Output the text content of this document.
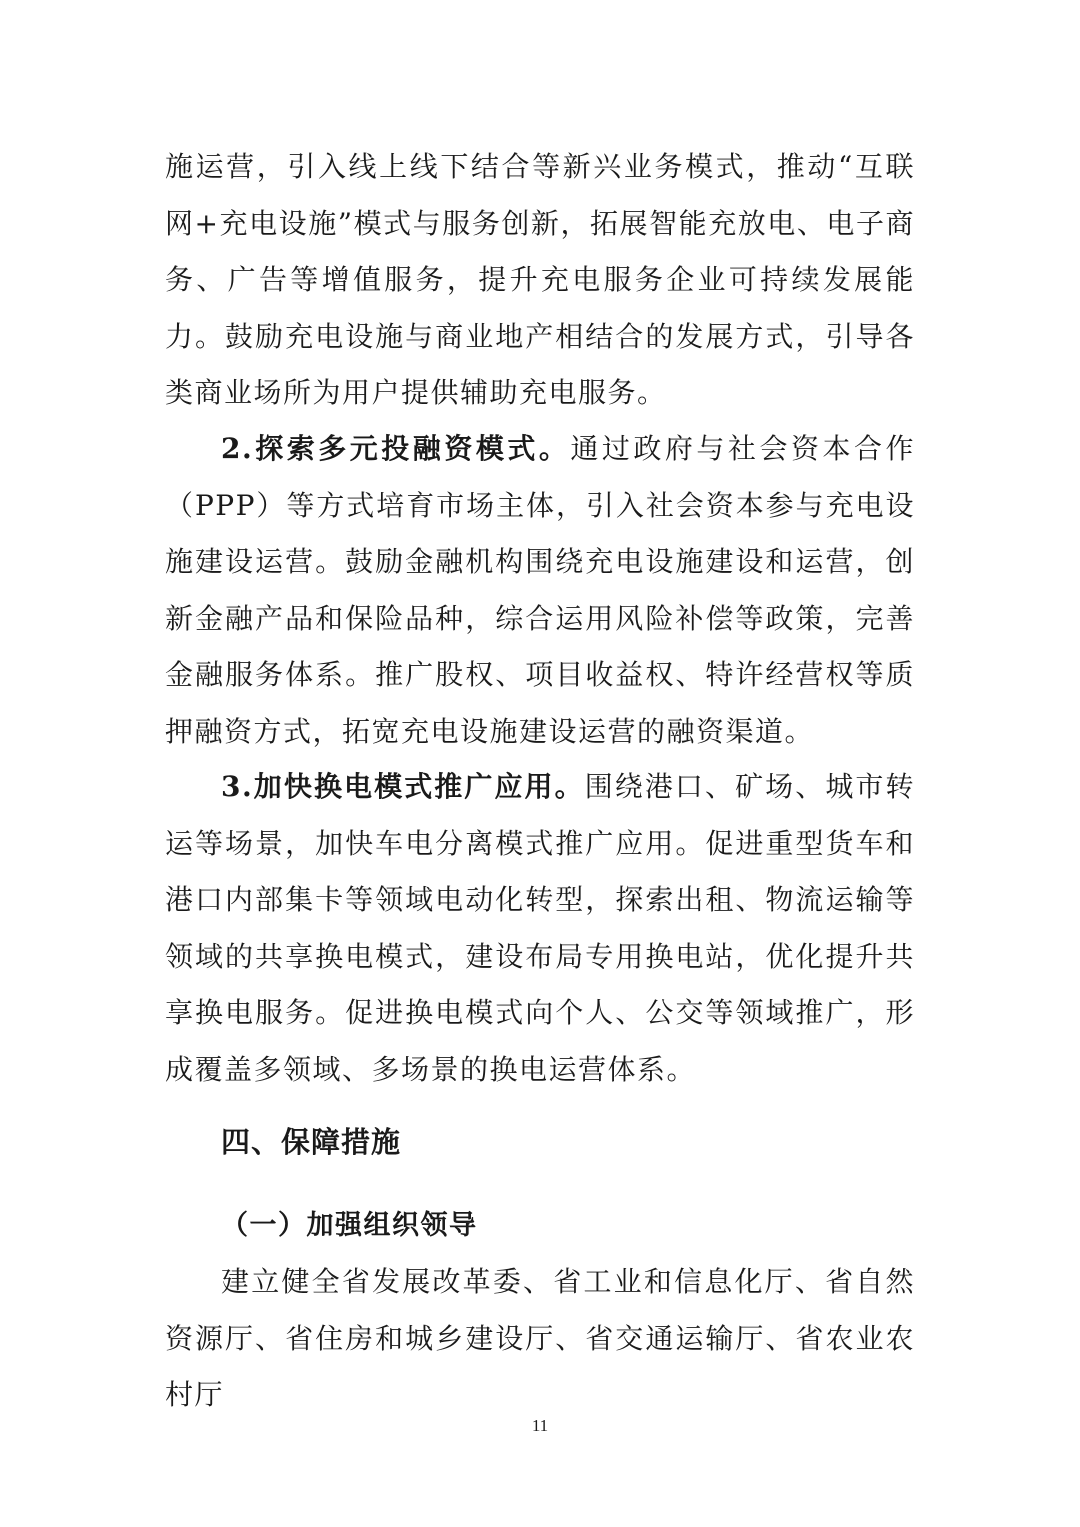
施运营，引入线上线下结合等新兴业务模式，推动“互联网+充电设施”模式与服务创新，拓展智能充放电、电子商务、广告等增值服务，提升充电服务企业可持续发展能力。鼓励充电设施与商业地产相结合的发展方式，引导各类商业场所为用户提供辅助充电服务。

2.探索多元投融资模式。通过政府与社会资本合作（PPP）等方式培育市场主体，引入社会资本参与充电设施建设运营。鼓励金融机构围绕充电设施建设和运营，创新金融产品和保险品种，综合运用风险补偿等政策，完善金融服务体系。推广股权、项目收益权、特许经营权等质押融资方式，拓宽充电设施建设运营的融资渠道。

3.加快换电模式推广应用。围绕港口、矿场、城市转运等场景，加快车电分离模式推广应用。促进重型货车和港口内部集卡等领域电动化转型，探索出租、物流运输等领域的共享换电模式，建设布局专用换电站，优化提升共享换电服务。促进换电模式向个人、公交等领域推广，形成覆盖多领域、多场景的换电运营体系。

四、保障措施
（一）加强组织领导

建立健全省发展改革委、省工业和信息化厅、省自然资源厅、省住房和城乡建设厅、省交通运输厅、省农业农村厅

11
